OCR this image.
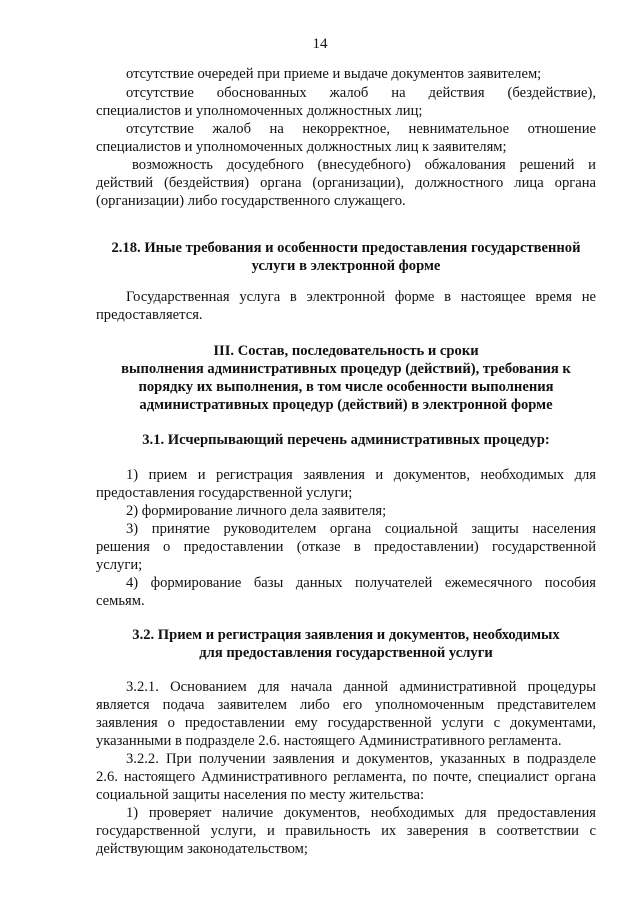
14
отсутствие очередей при приеме и выдаче документов заявителем;
отсутствие обоснованных жалоб на действия (бездействие),
специалистов и уполномоченных должностных лиц;
отсутствие жалоб на некорректное, невнимательное отношение
специалистов и уполномоченных должностных лиц к заявителям;
возможность досудебного (внесудебного) обжалования решений и
действий (бездействия) органа (организации), должностного лица органа
(организации) либо государственного служащего.
2.18. Иные требования и особенности предоставления государственной
услуги в электронной форме
Государственная услуга в электронной форме в настоящее время не
предоставляется.
III. Состав, последовательность и сроки
выполнения административных процедур (действий), требования к
порядку их выполнения, в том числе особенности выполнения
административных процедур (действий) в электронной форме
3.1. Исчерпывающий перечень административных процедур:
1) прием и регистрация заявления и документов, необходимых для
предоставления государственной услуги;
2) формирование личного дела заявителя;
3) принятие руководителем органа социальной защиты населения
решения о предоставлении (отказе в предоставлении) государственной
услуги;
4) формирование базы данных получателей ежемесячного пособия
семьям.
3.2. Прием и регистрация заявления и документов, необходимых
для предоставления государственной услуги
3.2.1. Основанием для начала данной административной процедуры
является подача заявителем либо его уполномоченным представителем
заявления о предоставлении ему государственной услуги с документами,
указанными в подразделе 2.6. настоящего Административного регламента.
3.2.2. При получении заявления и документов, указанных в подразделе
2.6. настоящего Административного регламента, по почте, специалист органа
социальной защиты населения по месту жительства:
1) проверяет наличие документов, необходимых для предоставления
государственной услуги, и правильность их заверения в соответствии с
действующим законодательством;
